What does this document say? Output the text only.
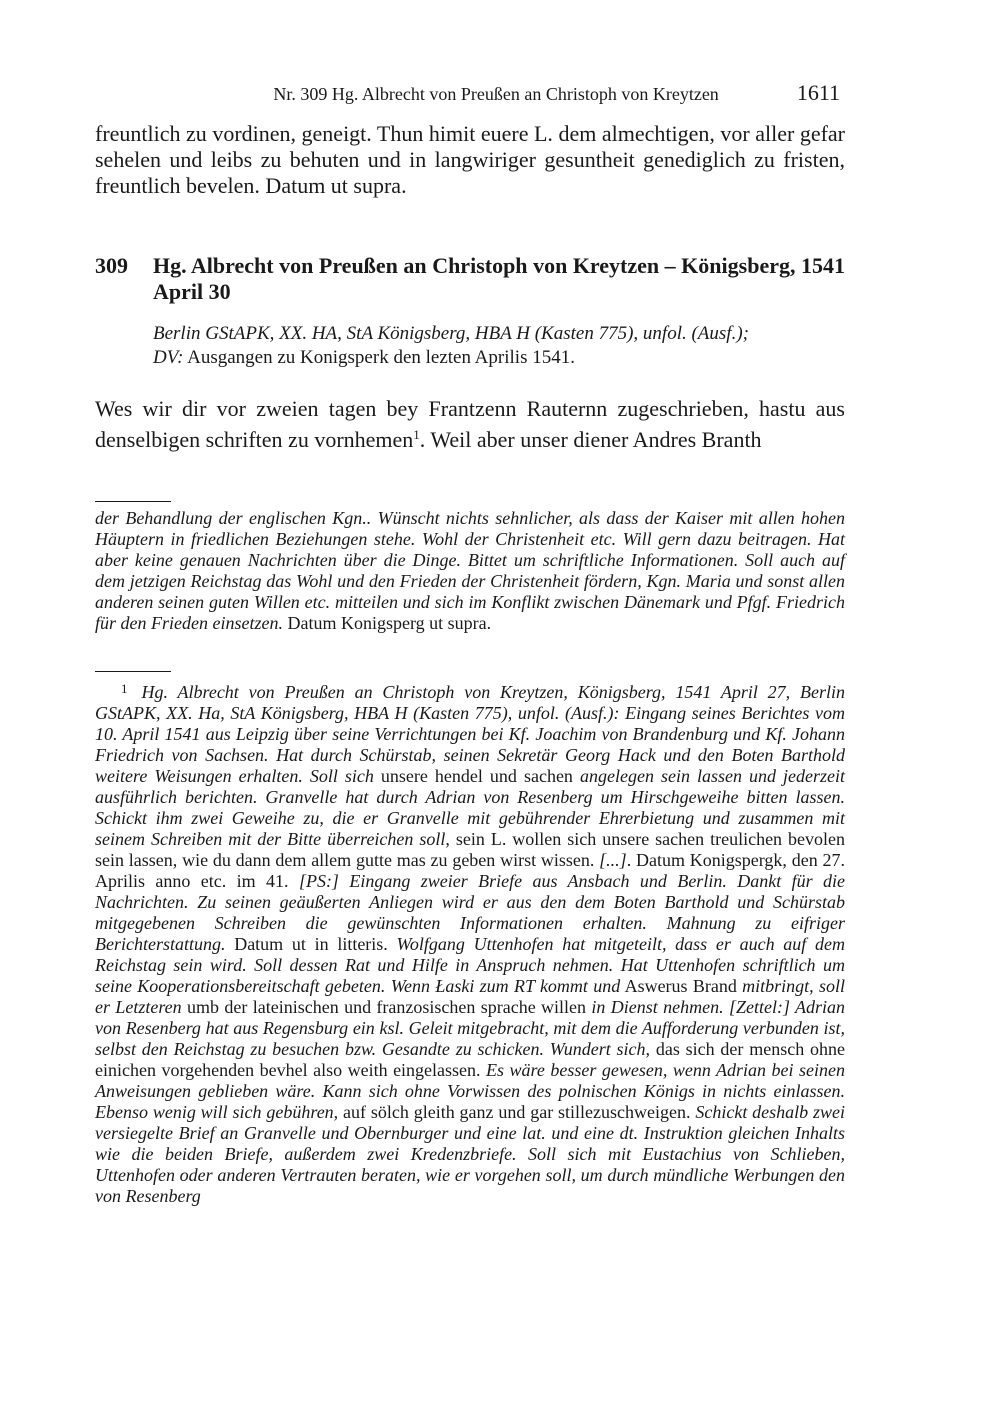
Nr. 309 Hg. Albrecht von Preußen an Christoph von Kreytzen	1611

freuntlich zu vordinen, geneigt. Thun himit euere L. dem almechtigen, vor aller gefar sehelen und leibs zu behuten und in langwiriger gesuntheit genediglich zu fristen, freuntlich bevelen. Datum ut supra.

309 Hg. Albrecht von Preußen an Christoph von Kreytzen – Königsberg, 1541 April 30

Berlin GStAPK, XX. HA, StA Königsberg, HBA H (Kasten 775), unfol. (Ausf.);
DV: Ausgangen zu Konigsperk den lezten Aprilis 1541.

Wes wir dir vor zweien tagen bey Frantzenn Rauternn zugeschrieben, hastu aus denselbigen schriften zu vornhemen$^1$. Weil aber unser diener Andres Branth

der Behandlung der englischen Kgn.. Wünscht nichts sehnlicher, als dass der Kaiser mit allen hohen Häuptern in friedlichen Beziehungen stehe. Wohl der Christenheit etc. Will gern dazu beitragen. Hat aber keine genauen Nachrichten über die Dinge. Bittet um schriftliche Informationen. Soll auch auf dem jetzigen Reichstag das Wohl und den Frieden der Christenheit fördern, Kgn. Maria und sonst allen anderen seinen guten Willen etc. mitteilen und sich im Konflikt zwischen Dänemark und Pfgf. Friedrich für den Frieden einsetzen. Datum Konigsperg ut supra.

$^1$ Hg. Albrecht von Preußen an Christoph von Kreytzen, Königsberg, 1541 April 27, Berlin GStAPK, XX. Ha, StA Königsberg, HBA H (Kasten 775), unfol. (Ausf.): Eingang seines Berichtes vom 10. April 1541 aus Leipzig über seine Verrichtungen bei Kf. Joachim von Brandenburg und Kf. Johann Friedrich von Sachsen. Hat durch Schürstab, seinen Sekretär Georg Hack und den Boten Barthold weitere Weisungen erhalten. Soll sich unsere hendel und sachen angelegen sein lassen und jederzeit ausführlich berichten. Granvelle hat durch Adrian von Resenberg um Hirschgeweihe bitten lassen. Schickt ihm zwei Geweihe zu, die er Granvelle mit gebührender Ehrerbietung und zusammen mit seinem Schreiben mit der Bitte überreichen soll, sein L. wollen sich unsere sachen treulichen bevolen sein lassen, wie du dann dem allem gutte mas zu geben wirst wissen. [...]. Datum Konigspergk, den 27. Aprilis anno etc. im 41. [PS:] Eingang zweier Briefe aus Ansbach und Berlin. Dankt für die Nachrichten. Zu seinen geäußerten Anliegen wird er aus den dem Boten Barthold und Schürstab mitgegebenen Schreiben die gewünschten Informationen erhalten. Mahnung zu eifriger Berichterstattung. Datum ut in litteris. Wolfgang Uttenhofen hat mitgeteilt, dass er auch auf dem Reichstag sein wird. Soll dessen Rat und Hilfe in Anspruch nehmen. Hat Uttenhofen schriftlich um seine Kooperationsbereitschaft gebeten. Wenn Łaski zum RT kommt und Aswerus Brand mitbringt, soll er Letzteren umb der lateinischen und franzosischen sprache willen in Dienst nehmen. [Zettel:] Adrian von Resenberg hat aus Regensburg ein ksl. Geleit mitgebracht, mit dem die Aufforderung verbunden ist, selbst den Reichstag zu besuchen bzw. Gesandte zu schicken. Wundert sich, das sich der mensch ohne einichen vorgehenden bevhel also weith eingelassen. Es wäre besser gewesen, wenn Adrian bei seinen Anweisungen geblieben wäre. Kann sich ohne Vorwissen des polnischen Königs in nichts einlassen. Ebenso wenig will sich gebühren, auf sölch gleith ganz und gar stillezuschweigen. Schickt deshalb zwei versiegelte Brief an Granvelle und Obernburger und eine lat. und eine dt. Instruktion gleichen Inhalts wie die beiden Briefe, außerdem zwei Kredenzbriefe. Soll sich mit Eustachius von Schlieben, Uttenhofen oder anderen Vertrauten beraten, wie er vorgehen soll, um durch mündliche Werbungen den von Resenberg
